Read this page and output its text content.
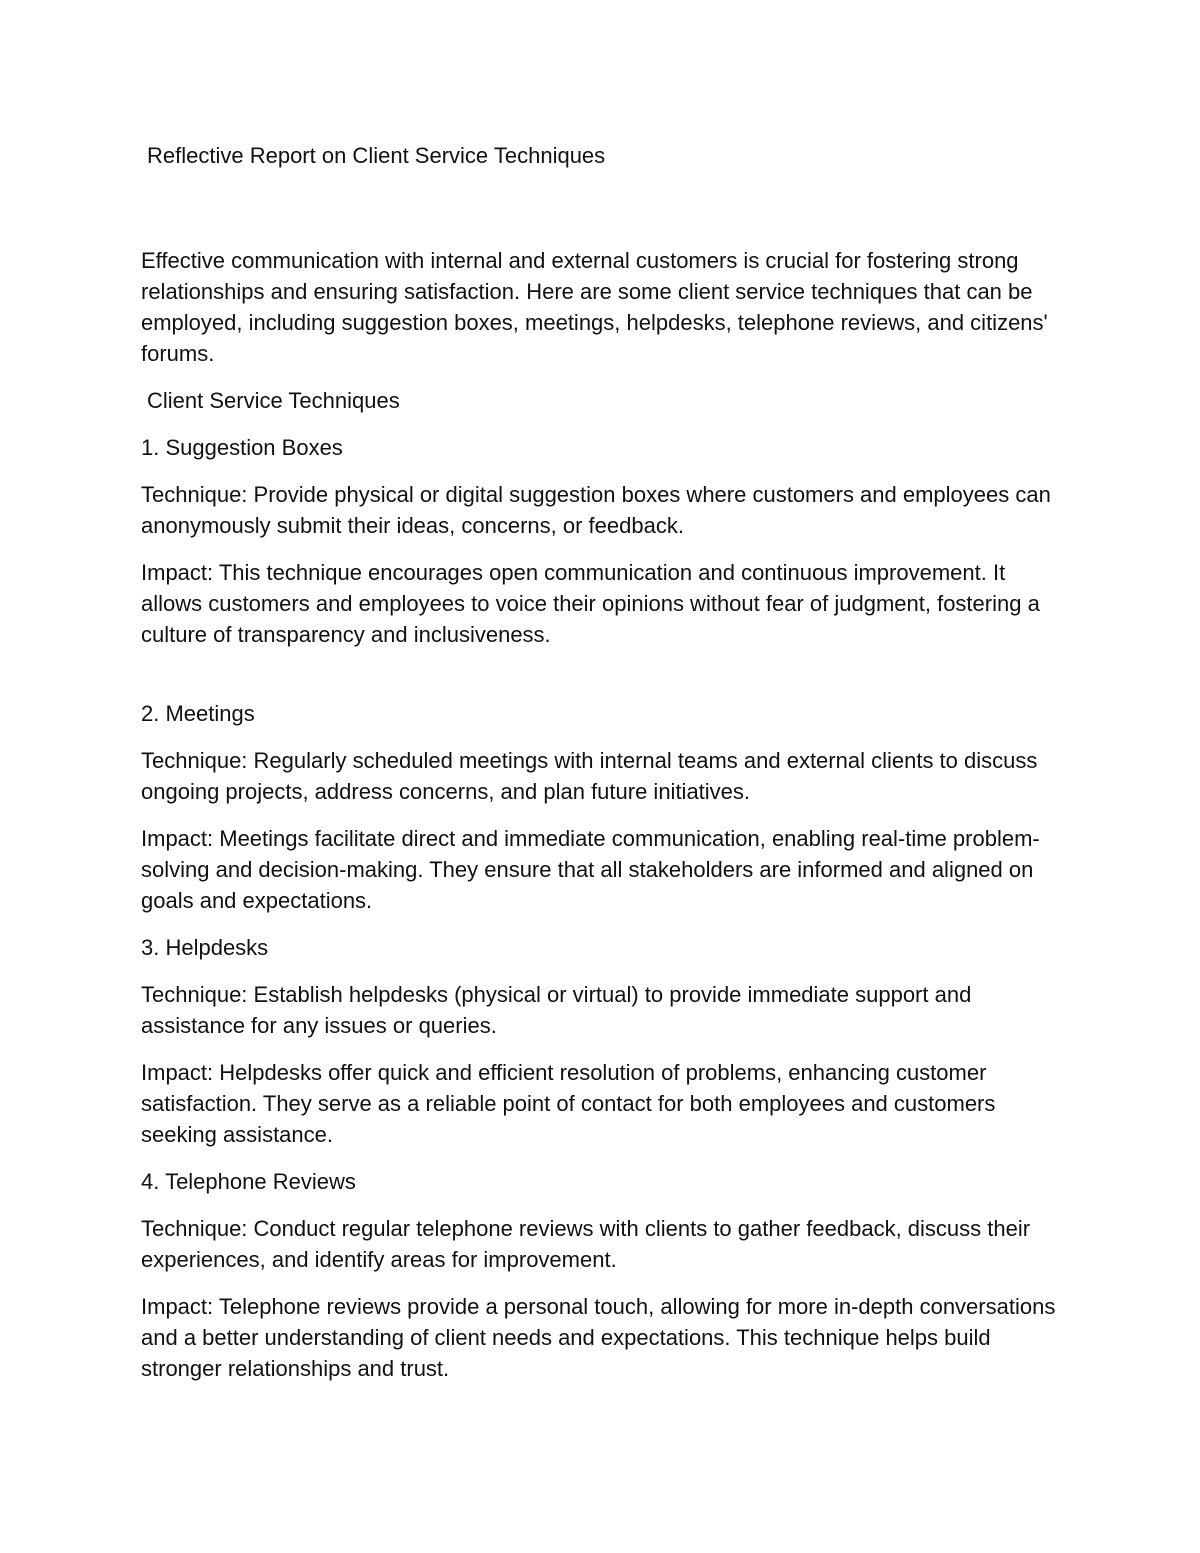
Reflective Report on Client Service Techniques

Effective communication with internal and external customers is crucial for fostering strong relationships and ensuring satisfaction. Here are some client service techniques that can be employed, including suggestion boxes, meetings, helpdesks, telephone reviews, and citizens' forums.

Client Service Techniques

1. Suggestion Boxes

Technique: Provide physical or digital suggestion boxes where customers and employees can anonymously submit their ideas, concerns, or feedback.

Impact: This technique encourages open communication and continuous improvement. It allows customers and employees to voice their opinions without fear of judgment, fostering a culture of transparency and inclusiveness.

2. Meetings

Technique: Regularly scheduled meetings with internal teams and external clients to discuss ongoing projects, address concerns, and plan future initiatives.

Impact: Meetings facilitate direct and immediate communication, enabling real-time problem-solving and decision-making. They ensure that all stakeholders are informed and aligned on goals and expectations.

3. Helpdesks

Technique: Establish helpdesks (physical or virtual) to provide immediate support and assistance for any issues or queries.

Impact: Helpdesks offer quick and efficient resolution of problems, enhancing customer satisfaction. They serve as a reliable point of contact for both employees and customers seeking assistance.

4. Telephone Reviews

Technique: Conduct regular telephone reviews with clients to gather feedback, discuss their experiences, and identify areas for improvement.

Impact: Telephone reviews provide a personal touch, allowing for more in-depth conversations and a better understanding of client needs and expectations. This technique helps build stronger relationships and trust.
